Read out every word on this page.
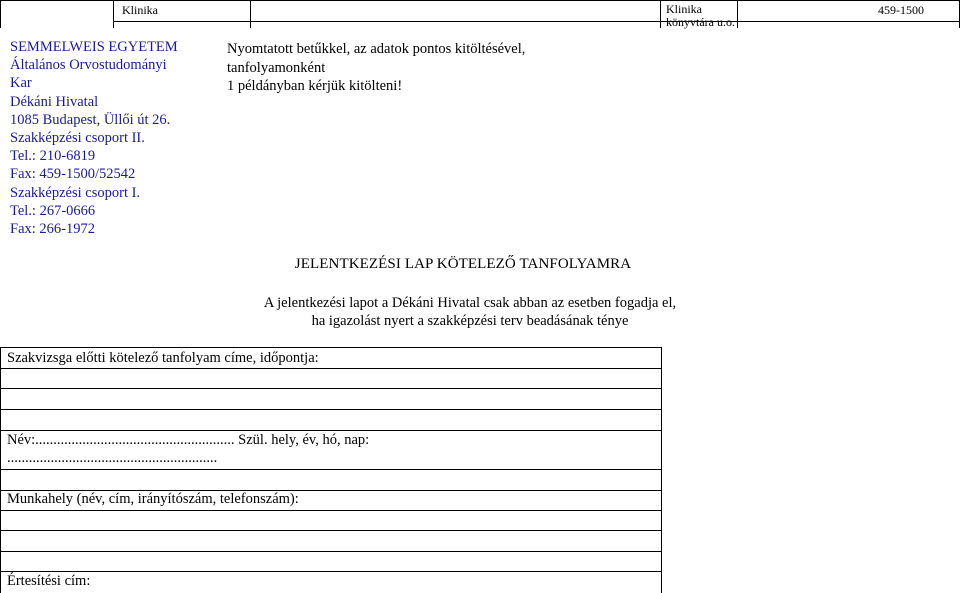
Klinika	Klinika könyvtára u.o.
459-1500
SEMMELWEIS EGYETEM
Általános Orvostudományi
Kar
Dékáni Hivatal
1085 Budapest, Üllői út 26.
Szakképzési csoport II.
Tel.: 210-6819
Fax: 459-1500/52542
Szakképzési csoport I.
Tel.: 267-0666
Fax: 266-1972
Nyomtatott betűkkel, az adatok pontos kitöltésével,
tanfolyamonként
1 példányban kérjük kitölteni!
JELENTKEZÉSI LAP KÖTELEZŐ TANFOLYAMRA
A jelentkezési lapot a Dékáni Hivatal csak abban az esetben fogadja el,
ha igazolást nyert a szakképzési terv beadásának ténye
Szakvizsga előtti kötelező tanfolyam címe, időpontja:
Név:....................................................... Szül. hely, év, hó, nap:
..........................................................
Munkahely (név, cím, irányítószám, telefonszám):
Értesítési cím:
